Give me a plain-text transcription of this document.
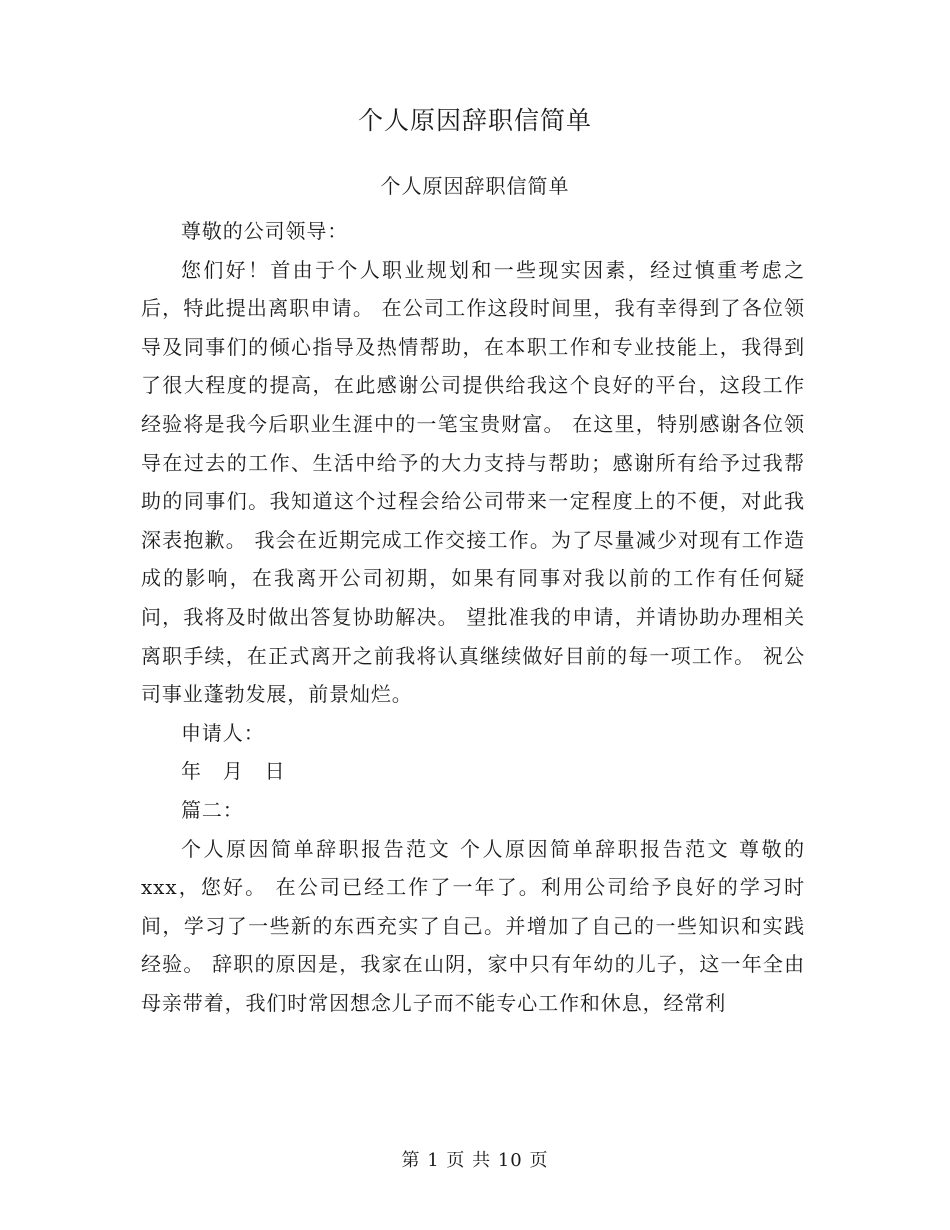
个人原因辞职信简单
个人原因辞职信简单

尊敬的公司领导：

您们好！首由于个人职业规划和一些现实因素，经过慎重考虑之后，特此提出离职申请。 在公司工作这段时间里，我有幸得到了各位领导及同事们的倾心指导及热情帮助，在本职工作和专业技能上，我得到了很大程度的提高，在此感谢公司提供给我这个良好的平台，这段工作经验将是我今后职业生涯中的一笔宝贵财富。 在这里，特别感谢各位领导在过去的工作、生活中给予的大力支持与帮助；感谢所有给予过我帮助的同事们。我知道这个过程会给公司带来一定程度上的不便，对此我深表抱歉。 我会在近期完成工作交接工作。为了尽量减少对现有工作造成的影响，在我离开公司初期，如果有同事对我以前的工作有任何疑问，我将及时做出答复协助解决。 望批准我的申请，并请协助办理相关离职手续，在正式离开之前我将认真继续做好目前的每一项工作。 祝公司事业蓬勃发展，前景灿烂。

申请人：

年　月　日

篇二：

个人原因简单辞职报告范文 个人原因简单辞职报告范文 尊敬的xxx，您好。 在公司已经工作了一年了。利用公司给予良好的学习时间，学习了一些新的东西充实了自己。并增加了自己的一些知识和实践经验。 辞职的原因是，我家在山阴，家中只有年幼的儿子，这一年全由母亲带着，我们时常因想念儿子而不能专心工作和休息，经常利

第 1 页 共 10 页
